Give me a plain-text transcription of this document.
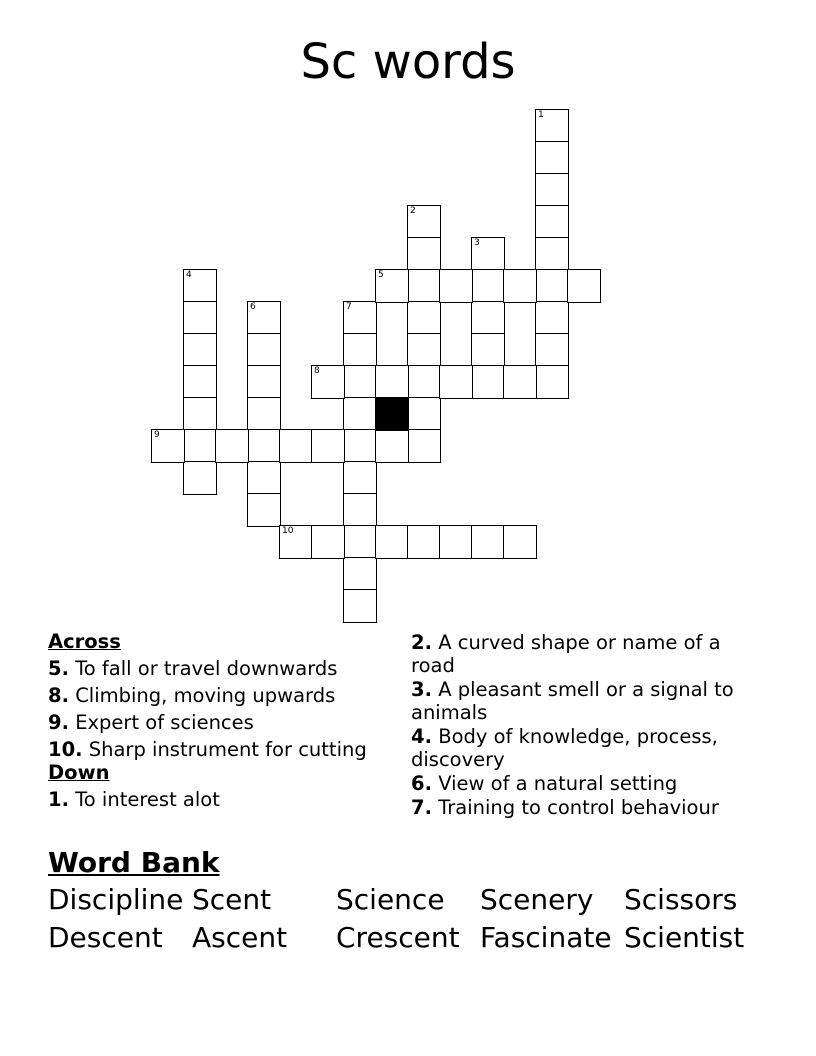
Sc words
1
2
3
4
6	7
5
8
9
10
Across
5. To fall or travel downwards
8. Climbing, moving upwards
9. Expert of sciences
10. Sharp instrument for cutting
Down
1. To interest alot
2. A curved shape or name of a road
3. A pleasant smell or a signal to animals
4. Body of knowledge, process, discovery
6. View of a natural setting
7. Training to control behaviour
Word Bank
Discipline Scent	Science	Scenery	Scissors
Descent	Ascent	Crescent Fascinate Scientist
